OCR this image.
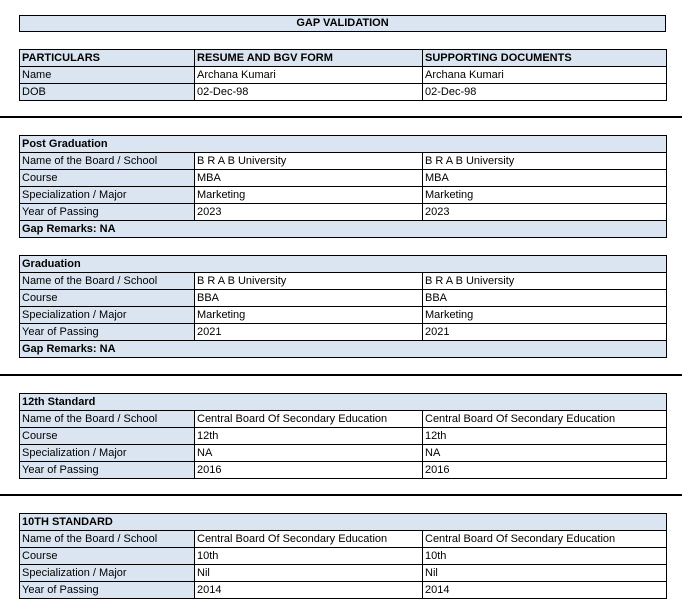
GAP VALIDATION
PARTICULARS	RESUME AND BGV FORM	SUPPORTING DOCUMENTS
Name	Archana Kumari	Archana Kumari
DOB	02-Dec-98	02-Dec-98
Post Graduation		
Name of the Board / School	B R A B University	B R A B University
Course	MBA	MBA
Specialization / Major	Marketing	Marketing
Year of Passing	2023	2023
Gap Remarks: NA		
Graduation		
Name of the Board / School	B R A B University	B R A B University
Course	BBA	BBA
Specialization / Major	Marketing	Marketing
Year of Passing	2021	2021
Gap Remarks: NA		
12th Standard		
Name of the Board / School	Central Board Of Secondary Education	Central Board Of Secondary Education
Course	12th	12th
Specialization / Major	NA	NA
Year of Passing	2016	2016
10TH STANDARD		
Name of the Board / School	Central Board Of Secondary Education	Central Board Of Secondary Education
Course	10th	10th
Specialization / Major	Nil	Nil
Year of Passing	2014	2014
